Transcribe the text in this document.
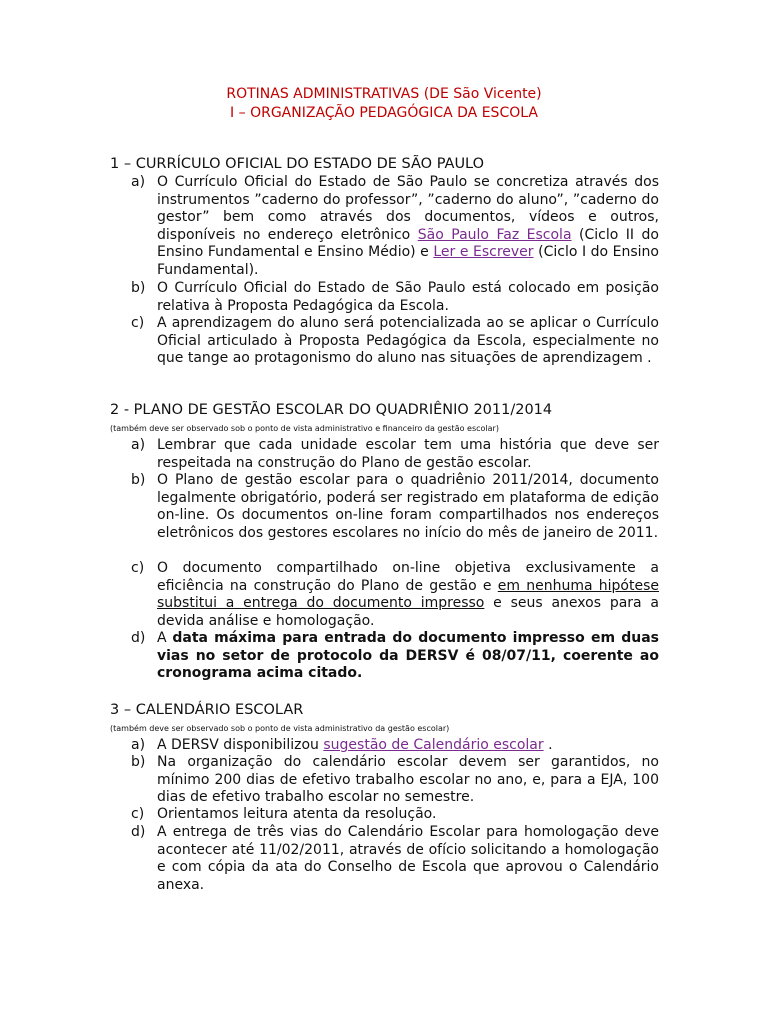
ROTINAS ADMINISTRATIVAS (DE São Vicente)
I – ORGANIZAÇÃO PEDAGÓGICA DA ESCOLA
1 – CURRÍCULO OFICIAL DO ESTADO DE SÃO PAULO
a) O Currículo Oficial do Estado de São Paulo se concretiza através dos instrumentos ”caderno do professor”, ”caderno do aluno”, ”caderno do gestor” bem como através dos documentos, vídeos e outros, disponíveis no endereço eletrônico São Paulo Faz Escola (Ciclo II do Ensino Fundamental e Ensino Médio) e Ler e Escrever (Ciclo I do Ensino Fundamental).
b) O Currículo Oficial do Estado de São Paulo está colocado em posição relativa à Proposta Pedagógica da Escola.
c) A aprendizagem do aluno será potencializada ao se aplicar o Currículo Oficial articulado à Proposta Pedagógica da Escola, especialmente no que tange ao protagonismo do aluno nas situações de aprendizagem .
2 - PLANO DE GESTÃO ESCOLAR DO QUADRIÊNIO 2011/2014
(também deve ser observado sob o ponto de vista administrativo e financeiro da gestão escolar)
a) Lembrar que cada unidade escolar tem uma história que deve ser respeitada na construção do Plano de gestão escolar.
b) O Plano de gestão escolar para o quadriênio 2011/2014, documento legalmente obrigatório, poderá ser registrado em plataforma de edição on-line. Os documentos on-line foram compartilhados nos endereços eletrônicos dos gestores escolares no início do mês de janeiro de 2011.
c) O documento compartilhado on-line objetiva exclusivamente a eficiência na construção do Plano de gestão e em nenhuma hipótese substitui a entrega do documento impresso e seus anexos para a devida análise e homologação.
d) A data máxima para entrada do documento impresso em duas vias no setor de protocolo da DERSV é 08/07/11, coerente ao cronograma acima citado.
3 – CALENDÁRIO ESCOLAR
(também deve ser observado sob o ponto de vista administrativo da gestão escolar)
a) A DERSV disponibilizou sugestão de Calendário escolar .
b) Na organização do calendário escolar devem ser garantidos, no mínimo 200 dias de efetivo trabalho escolar no ano, e, para a EJA, 100 dias de efetivo trabalho escolar no semestre.
c) Orientamos leitura atenta da resolução.
d) A entrega de três vias do Calendário Escolar para homologação deve acontecer até 11/02/2011, através de ofício solicitando a homologação e com cópia da ata do Conselho de Escola que aprovou o Calendário anexa.
